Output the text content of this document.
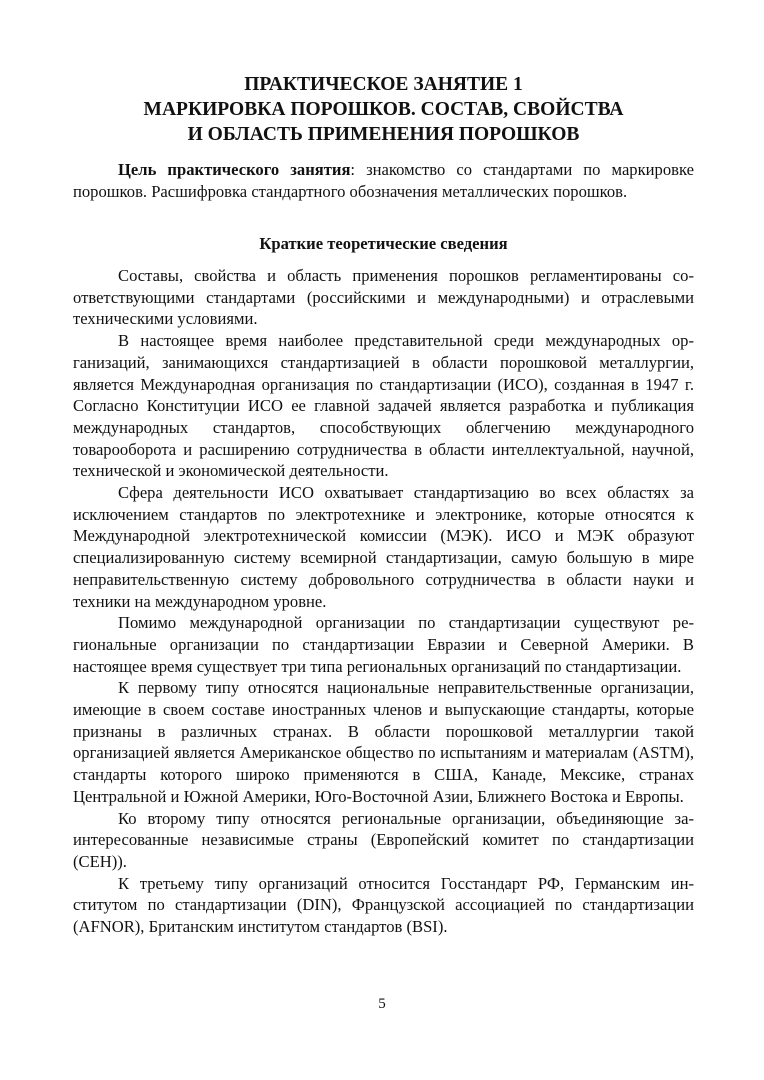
ПРАКТИЧЕСКОЕ ЗАНЯТИЕ 1
МАРКИРОВКА ПОРОШКОВ. СОСТАВ, СВОЙСТВА
И ОБЛАСТЬ ПРИМЕНЕНИЯ ПОРОШКОВ

Цель практического занятия: знакомство со стандартами по маркировке порошков. Расшифровка стандартного обозначения металлических порошков.

Краткие теоретические сведения

Составы, свойства и область применения порошков регламентированы соответствующими стандартами (российскими и международными) и отраслевыми техническими условиями.

В настоящее время наиболее представительной среди международных организаций, занимающихся стандартизацией в области порошковой металлургии, является Международная организация по стандартизации (ИСО), созданная в 1947 г. Согласно Конституции ИСО ее главной задачей является разработка и публикация международных стандартов, способствующих облегчению международного товарооборота и расширению сотрудничества в области интеллектуальной, научной, технической и экономической деятельности.

Сфера деятельности ИСО охватывает стандартизацию во всех областях за исключением стандартов по электротехнике и электронике, которые относятся к Международной электротехнической комиссии (МЭК). ИСО и МЭК образуют специализированную систему всемирной стандартизации, самую большую в мире неправительственную систему добровольного сотрудничества в области науки и техники на международном уровне.

Помимо международной организации по стандартизации существуют региональные организации по стандартизации Евразии и Северной Америки. В настоящее время существует три типа региональных организаций по стандартизации.

К первому типу относятся национальные неправительственные организации, имеющие в своем составе иностранных членов и выпускающие стандарты, которые признаны в различных странах. В области порошковой металлургии такой организацией является Американское общество по испытаниям и материалам (ASTM), стандарты которого широко применяются в США, Канаде, Мексике, странах Центральной и Южной Америки, Юго-Восточной Азии, Ближнего Востока и Европы.

Ко второму типу относятся региональные организации, объединяющие заинтересованные независимые страны (Европейский комитет по стандартизации (СЕН)).

К третьему типу организаций относится Госстандарт РФ, Германским институтом по стандартизации (DIN), Французской ассоциацией по стандартизации (AFNOR), Британским институтом стандартов (BSI).

5
